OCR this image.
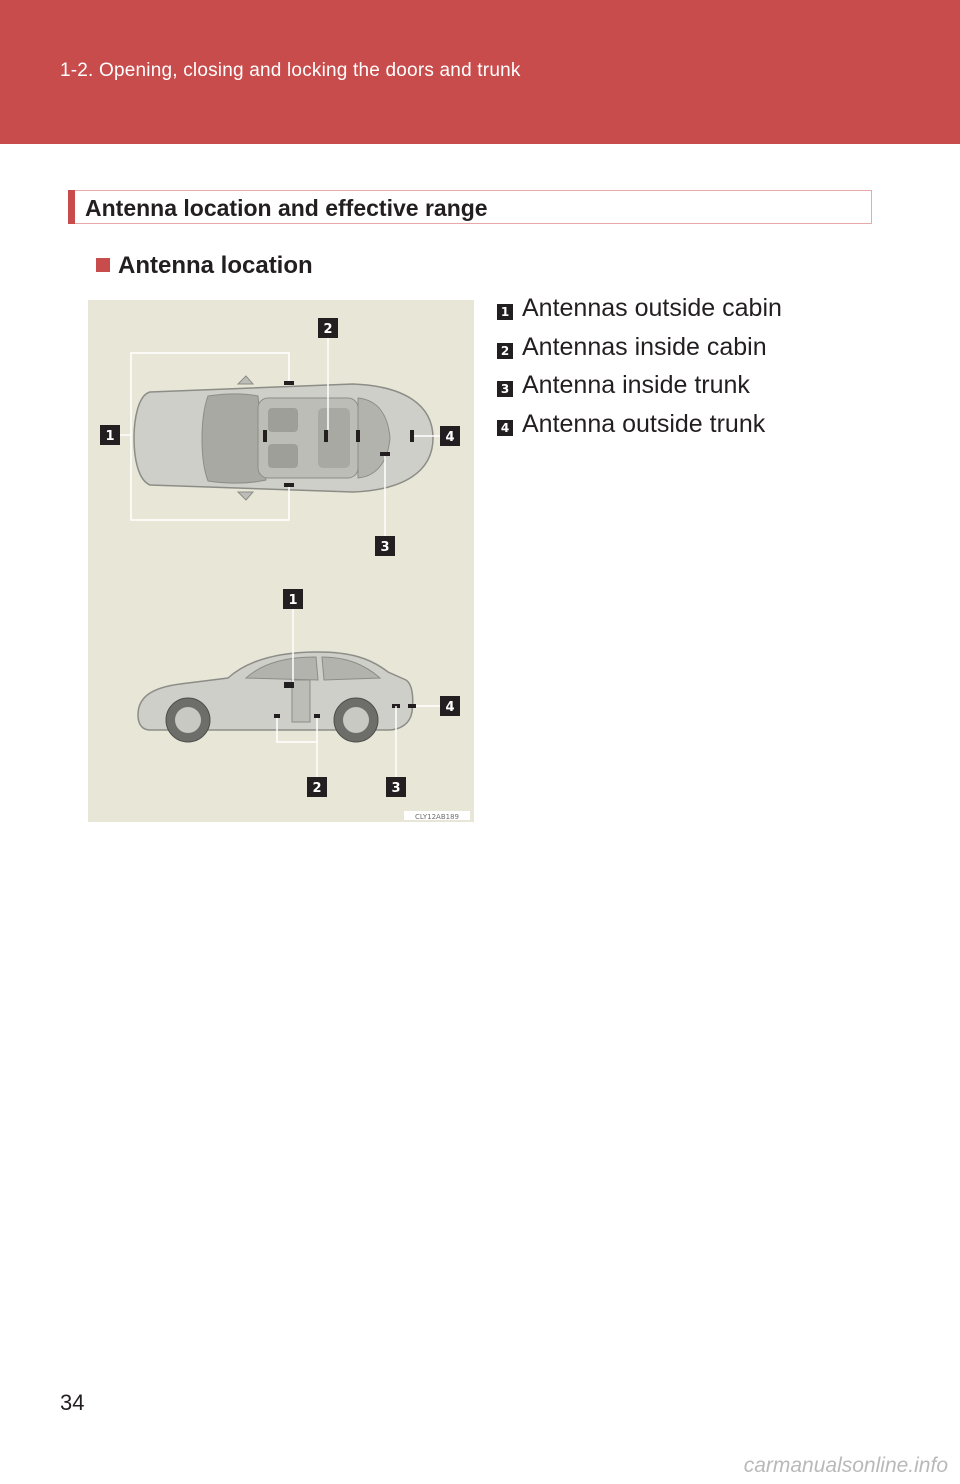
1-2. Opening, closing and locking the doors and trunk
Antenna location and effective range
Antenna location
2
1	4
3
1
4
2	3
CLY12AB189
1 Antennas outside cabin
2 Antennas inside cabin
3 Antenna inside trunk
4 Antenna outside trunk
34
carmanualsonline.info
